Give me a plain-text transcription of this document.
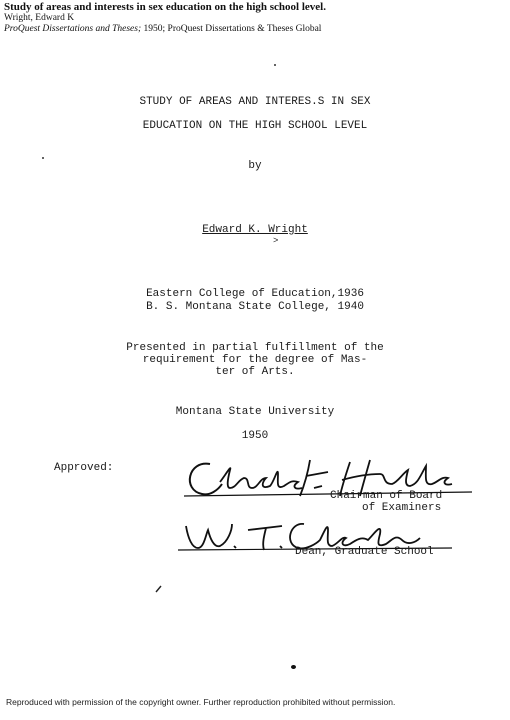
Study of areas and interests in sex education on the high school level.
Wright, Edward K
ProQuest Dissertations and Theses; 1950; ProQuest Dissertations & Theses Global
STUDY OF AREAS AND INTERES.S IN SEX
EDUCATION ON THE HIGH SCHOOL LEVEL
by
Edward K. Wright
>
Eastern College of Education,1936
B. S. Montana State College, 1940
Presented in partial fulfillment of the
requirement for the degree of Mas-
ter of Arts.
Montana State University
1950
Approved:
Chairman of Board
of Examiners
Dean, Graduate School
Reproduced with permission of the copyright owner. Further reproduction prohibited without permission.
